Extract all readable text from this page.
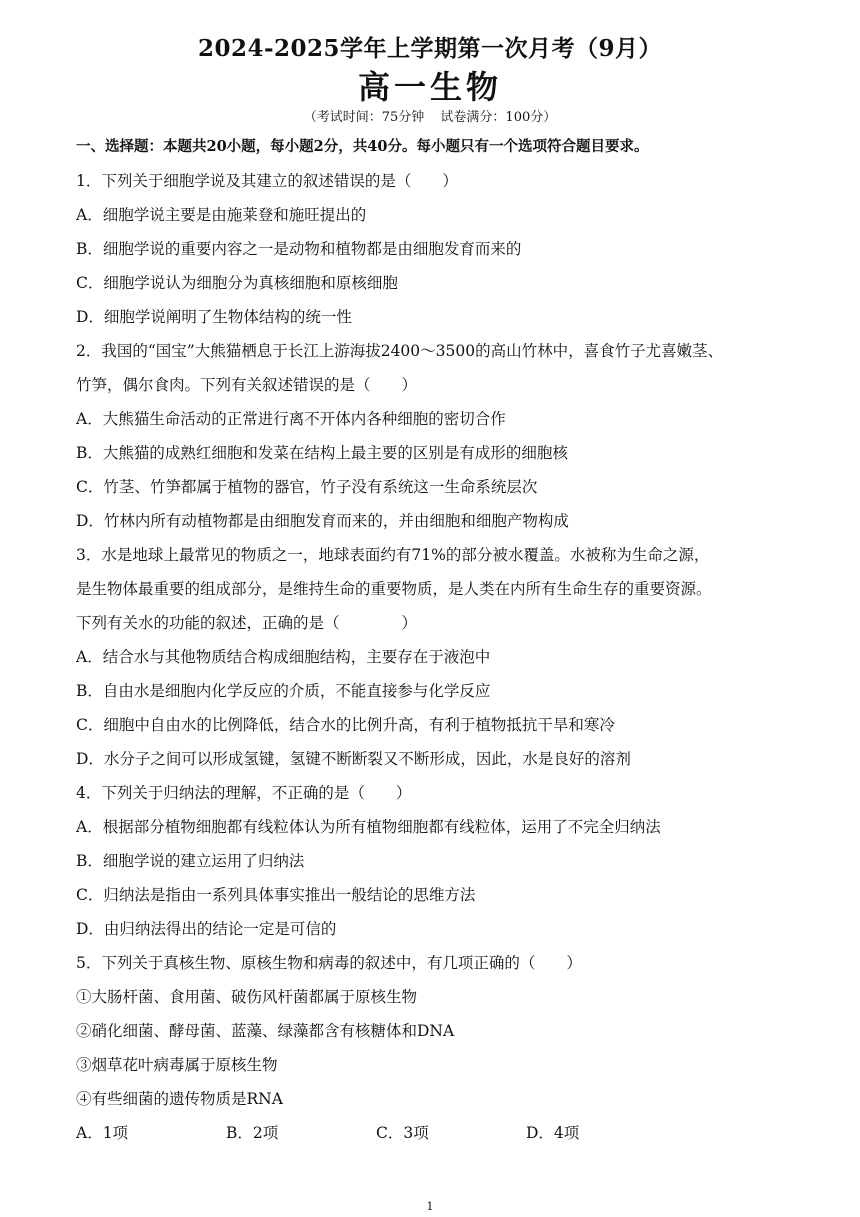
2024-2025学年上学期第一次月考（9月）
高一生物
（考试时间：75分钟 试卷满分：100分）
一、选择题：本题共20小题，每小题2分，共40分。每小题只有一个选项符合题目要求。
1．下列关于细胞学说及其建立的叙述错误的是（　　）
A．细胞学说主要是由施莱登和施旺提出的
B．细胞学说的重要内容之一是动物和植物都是由细胞发育而来的
C．细胞学说认为细胞分为真核细胞和原核细胞
D．细胞学说阐明了生物体结构的统一性
2．我国的“国宝”大熊猫栖息于长江上游海拔2400～3500的高山竹林中，喜食竹子尤喜嫩茎、
竹笋，偶尔食肉。下列有关叙述错误的是（　　）
A．大熊猫生命活动的正常进行离不开体内各种细胞的密切合作
B．大熊猫的成熟红细胞和发菜在结构上最主要的区别是有成形的细胞核
C．竹茎、竹笋都属于植物的器官，竹子没有系统这一生命系统层次
D．竹林内所有动植物都是由细胞发育而来的，并由细胞和细胞产物构成
3．水是地球上最常见的物质之一，地球表面约有71%的部分被水覆盖。水被称为生命之源，
是生物体最重要的组成部分，是维持生命的重要物质，是人类在内所有生命生存的重要资源。
下列有关水的功能的叙述，正确的是（　　　　）
A．结合水与其他物质结合构成细胞结构，主要存在于液泡中
B．自由水是细胞内化学反应的介质，不能直接参与化学反应
C．细胞中自由水的比例降低，结合水的比例升高，有利于植物抵抗干旱和寒冷
D．水分子之间可以形成氢键，氢键不断断裂又不断形成，因此，水是良好的溶剂
4．下列关于归纳法的理解，不正确的是（　　）
A．根据部分植物细胞都有线粒体认为所有植物细胞都有线粒体，运用了不完全归纳法
B．细胞学说的建立运用了归纳法
C．归纳法是指由一系列具体事实推出一般结论的思维方法
D．由归纳法得出的结论一定是可信的
5．下列关于真核生物、原核生物和病毒的叙述中，有几项正确的（　　）
①大肠杆菌、食用菌、破伤风杆菌都属于原核生物
②硝化细菌、酵母菌、蓝藻、绿藻都含有核糖体和DNA
③烟草花叶病毒属于原核生物
④有些细菌的遗传物质是RNA
A．1项	B．2项	C．3项	D．4项
1
